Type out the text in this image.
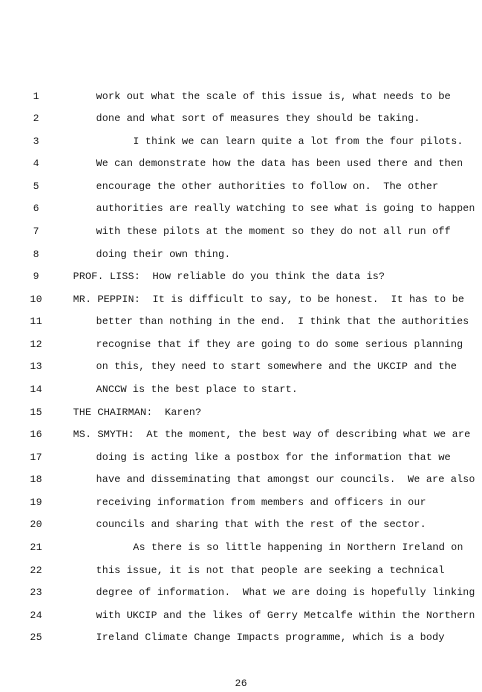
1	work out what the scale of this issue is, what needs to be
2	done and what sort of measures they should be taking.
3	I think we can learn quite a lot from the four pilots.
4	We can demonstrate how the data has been used there and then
5	encourage the other authorities to follow on.  The other
6	authorities are really watching to see what is going to happen
7	with these pilots at the moment so they do not all run off
8	doing their own thing.
9	PROF. LISS:  How reliable do you think the data is?
10	MR. PEPPIN:  It is difficult to say, to be honest.  It has to be
11	better than nothing in the end.  I think that the authorities
12	recognise that if they are going to do some serious planning
13	on this, they need to start somewhere and the UKCIP and the
14	ANCCW is the best place to start.
15	THE CHAIRMAN:  Karen?
16	MS. SMYTH:  At the moment, the best way of describing what we are
17	doing is acting like a postbox for the information that we
18	have and disseminating that amongst our councils.  We are also
19	receiving information from members and officers in our
20	councils and sharing that with the rest of the sector.
21	As there is so little happening in Northern Ireland on
22	this issue, it is not that people are seeking a technical
23	degree of information.  What we are doing is hopefully linking
24	with UKCIP and the likes of Gerry Metcalfe within the Northern
25	Ireland Climate Change Impacts programme, which is a body
26
